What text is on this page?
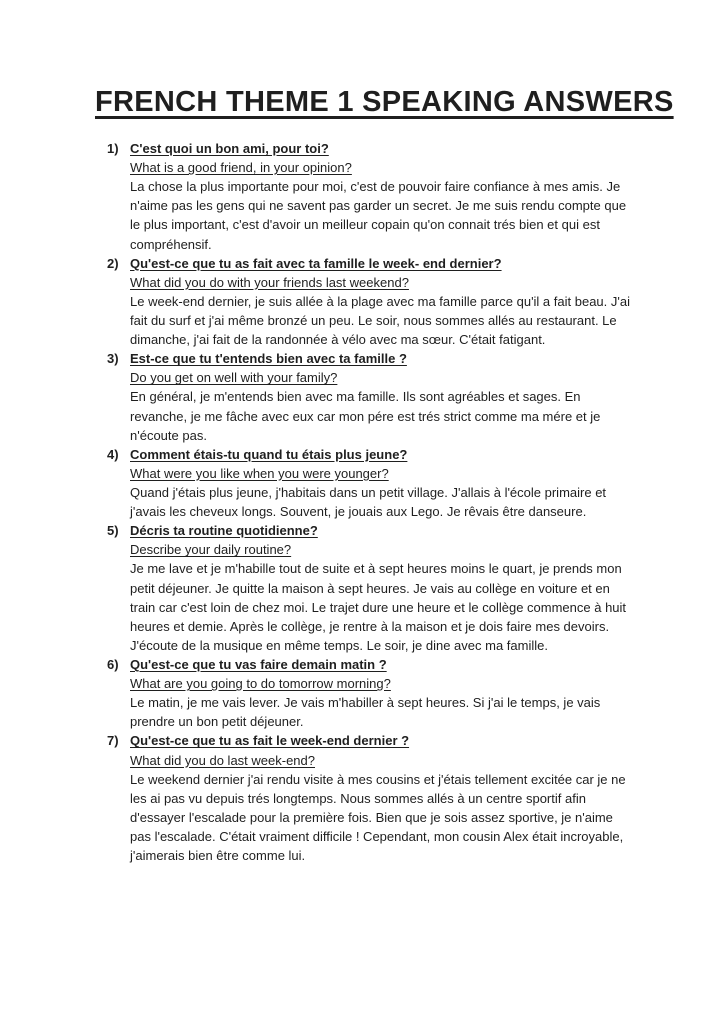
FRENCH THEME 1 SPEAKING ANSWERS
1) C'est quoi un bon ami, pour toi?
What is a good friend, in your opinion?
La chose la plus importante pour moi, c'est de pouvoir faire confiance à mes amis. Je n'aime pas les gens qui ne savent pas garder un secret. Je me suis rendu compte que le plus important, c'est d'avoir un meilleur copain qu'on connait trés bien et qui est compréhensif.
2) Qu'est-ce que tu as fait avec ta famille le week- end dernier?
What did you do with your friends last weekend?
Le week-end dernier, je suis allée à la plage avec ma famille parce qu'il a fait beau. J'ai fait du surf et j'ai même bronzé un peu. Le soir, nous sommes allés au restaurant. Le dimanche, j'ai fait de la randonnée à vélo avec ma sœur. C'était fatigant.
3) Est-ce que tu t'entends bien avec ta famille ?
Do you get on well with your family?
En général, je m'entends bien avec ma famille. Ils sont agréables et sages. En revanche, je me fâche avec eux car mon pére est trés strict comme ma mére et je n'écoute pas.
4) Comment étais-tu quand tu étais plus jeune?
What were you like when you were younger?
Quand j'étais plus jeune, j'habitais dans un petit village. J'allais à l'école primaire et j'avais les cheveux longs. Souvent, je jouais aux Lego. Je rêvais être danseure.
5) Décris ta routine quotidienne?
Describe your daily routine?
Je me lave et je m'habille tout de suite et à sept heures moins le quart, je prends mon petit déjeuner. Je quitte la maison à sept heures. Je vais au collège en voiture et en train car c'est loin de chez moi. Le trajet dure une heure et le collège commence à huit heures et demie. Après le collège, je rentre à la maison et je dois faire mes devoirs. J'écoute de la musique en même temps. Le soir, je dine avec ma famille.
6) Qu'est-ce que tu vas faire demain matin ?
What are you going to do tomorrow morning?
Le matin, je me vais lever. Je vais m'habiller à sept heures. Si j'ai le temps, je vais prendre un bon petit déjeuner.
7) Qu'est-ce que tu as fait le week-end dernier ?
What did you do last week-end?
Le weekend dernier j'ai rendu visite à mes cousins et j'étais tellement excitée car je ne les ai pas vu depuis trés longtemps. Nous sommes allés à un centre sportif afin d'essayer l'escalade pour la première fois. Bien que je sois assez sportive, je n'aime pas l'escalade. C'était vraiment difficile ! Cependant, mon cousin Alex était incroyable, j'aimerais bien être comme lui.
